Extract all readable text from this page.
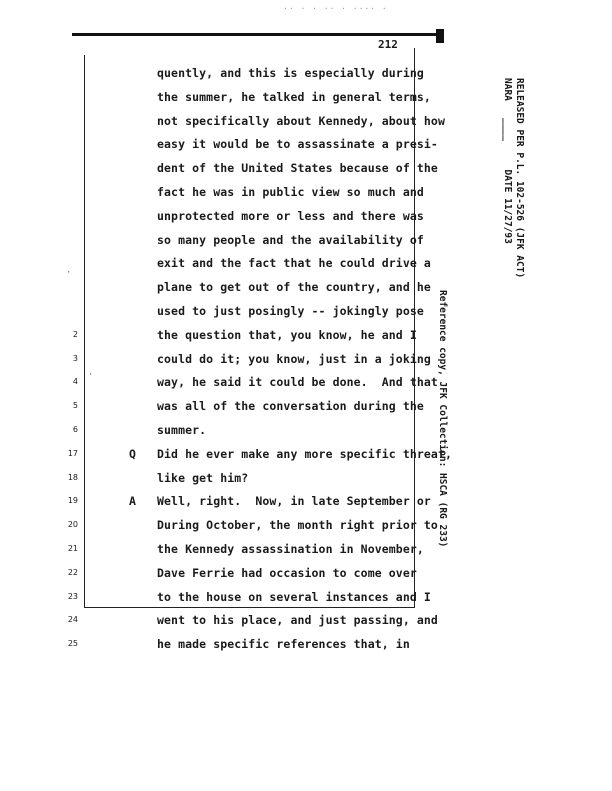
.. . . .. . .... .
212
·
·
quently, and this is especially during
the summer, he talked in general terms,
not specifically about Kennedy, about how
easy it would be to assassinate a presi-
dent of the United States because of the
fact he was in public view so much and
unprotected more or less and there was
so many people and the availability of
exit and the fact that he could drive a
plane to get out of the country, and he
used to just posingly -- jokingly pose
2	the question that, you know, he and I
3	could do it; you know, just in a joking
4	way, he said it could be done.  And that
5	was all of the conversation during the
6	summer.
17	Q Did he ever make any more specific threat,
18	like get him?
19	A Well, right.  Now, in late September or
20	During October, the month right prior to
21	the Kennedy assassination in November,
22	Dave Ferrie had occasion to come over
23	to the house on several instances and I
24	went to his place, and just passing, and
25	he made specific references that, in
RELEASED PER P.L. 102-526 (JFK ACT)
NARA   ____     DATE 11/27/93
Reference copy, JFK Collection: HSCA (RG 233)
